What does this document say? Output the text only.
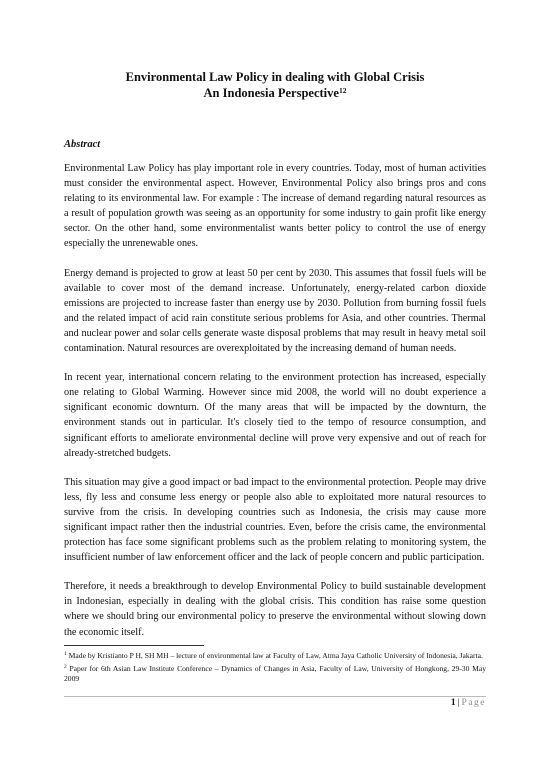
Environmental Law Policy in dealing with Global Crisis
An Indonesia Perspective$^{12}$
Abstract

Environmental Law Policy has play important role in every countries. Today, most of human activities must consider the environmental aspect. However, Environmental Policy also brings pros and cons relating to its environmental law. For example : The increase of demand regarding natural resources as a result of population growth was seeing as an opportunity for some industry to gain profit like energy sector. On the other hand, some environmentalist wants better policy to control the use of energy especially the unrenewable ones.

Energy demand is projected to grow at least 50 per cent by 2030. This assumes that fossil fuels will be available to cover most of the demand increase. Unfortunately, energy-related carbon dioxide emissions are projected to increase faster than energy use by 2030. Pollution from burning fossil fuels and the related impact of acid rain constitute serious problems for Asia, and other countries. Thermal and nuclear power and solar cells generate waste disposal problems that may result in heavy metal soil contamination. Natural resources are overexploitated by the increasing demand of human needs.

In recent year, international concern relating to the environment protection has increased, especially one relating to Global Warming. However since mid 2008, the world will no doubt experience a significant economic downturn. Of the many areas that will be impacted by the downturn, the environment stands out in particular. It's closely tied to the tempo of resource consumption, and significant efforts to ameliorate environmental decline will prove very expensive and out of reach for already-stretched budgets.

This situation may give a good impact or bad impact to the environmental protection. People may drive less, fly less and consume less energy or people also able to exploitated more natural resources to survive from the crisis. In developing countries such as Indonesia, the crisis may cause more significant impact rather then the industrial countries. Even, before the crisis came, the environmental protection has face some significant problems such as the problem relating to monitoring system, the insufficient number of law enforcement officer and the lack of people concern and public participation.

Therefore, it needs a breakthrough to develop Environmental Policy to build sustainable development in Indonesian, especially in dealing with the global crisis. This condition has raise some question where we should bring our environmental policy to preserve the environmental without slowing down the economic itself.

$^1$ Made by Kristianto P H, SH MH – lecture of environmental law at Faculty of Law, Atma Jaya Catholic University of Indonesia, Jakarta.

$^2$ Paper for 6th Asian Law Institute Conference – Dynamics of Changes in Asia, Faculty of Law, University of Hongkong, 29-30 May 2009

1 | Page
